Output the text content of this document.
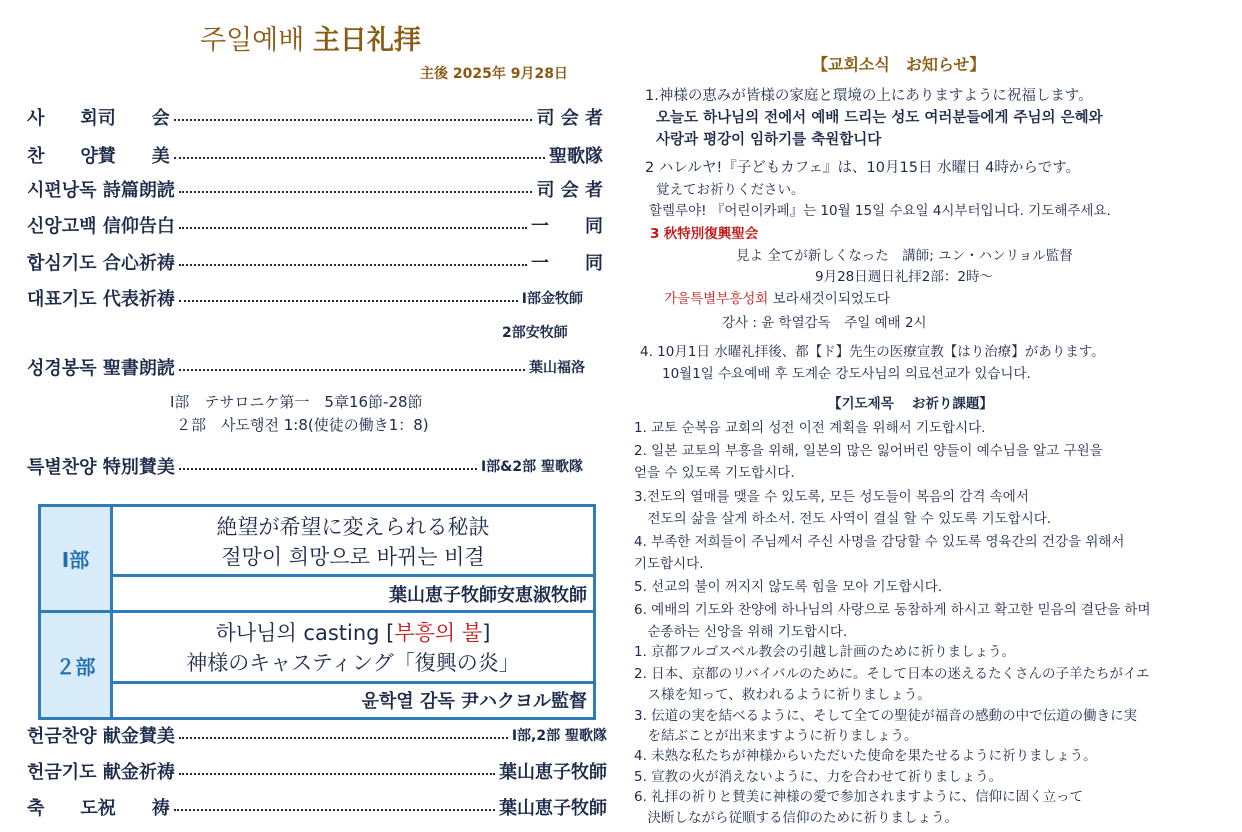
주일예배 主日礼拝
主後 2025年 9月28日
사　　회司　　会	司 会 者
찬　　양賛　　美	聖歌隊
시편낭독 詩篇朗読	司 会 者
신앙고백 信仰告白	一　　同
합심기도 合心祈祷	一　　同
대표기도 代表祈祷	Ⅰ部金牧師
2部安牧師
성경봉독 聖書朗読	葉山福洛
Ⅰ部　テサロニケ第一　5章16節-28節
２部　사도행전 1:8(使徒の働き1：8)
특별찬양 特別賛美	Ⅰ部&2部 聖歌隊
Ⅰ部	絶望が希望に変えられる秘訣
절망이 희망으로 바뀌는 비결

	葉山恵子牧師安恵淑牧師
２部	하나님의 casting [부흥의 불]
神様のキャスティング「復興の炎」

	윤학열 감독 尹ハクヨル監督
헌금찬양 献金賛美	Ⅰ部,2部 聖歌隊
헌금기도 献金祈祷	葉山恵子牧師
축　　도祝　　祷	葉山恵子牧師
【교회소식　お知らせ】
1.神様の恵みが皆様の家庭と環境の上にありますように祝福します。
오늘도 하나님의 전에서 예배 드리는 성도 여러분들에게 주님의 은혜와
사랑과 평강이 임하기를 축원합니다
2 ハレルヤ!『子どもカフェ』は、10月15日 水曜日 4時からです。
覚えてお祈りください。
할렐루야! 『어린이카페』는 10월 15일 수요일 4시부터입니다. 기도해주세요.
3 秋特別復興聖会
見よ 全てが新しくなった　講師; ユン・ハンリョル監督
9月28日週日礼拝2部：2時～
가을특별부흥성회 보라새것이되었도다
강사 : 윤 학열감독　주일 예배 2시
4. 10月1日 水曜礼拝後、都【ド】先生の医療宣教【はり治療】があります。
10월1일 수요예배 후 도계순 강도사님의 의료선교가 있습니다.
【기도제목　 お祈り課題】
1. 교토 순복음 교회의 성전 이전 계획을 위해서 기도합시다.
2. 일본 교토의 부흥을 위해, 일본의 많은 잃어버린 양들이 예수님을 알고 구원을
얻을 수 있도록 기도합시다.
3.전도의 열매를 맺을 수 있도록, 모든 성도들이 복음의 감격 속에서
　전도의 삶을 살게 하소서. 전도 사역이 결실 할 수 있도록 기도합시다.
4. 부족한 저희들이 주님께서 주신 사명을 감당할 수 있도록 영육간의 건강을 위해서
기도합시다.
5. 선교의 불이 꺼지지 않도록 힘을 모아 기도합시다.
6. 예배의 기도와 찬양에 하나님의 사랑으로 동참하게 하시고 확고한 믿음의 결단을 하며
　순종하는 신앙을 위해 기도합시다.
1. 京都フルゴスペル教会の引越し計画のために祈りましょう。
2. 日本、京都のリバイバルのために。そして日本の迷えるたくさんの子羊たちがイエ
　ス様を知って、救われるように祈りましょう。
3. 伝道の実を結べるように、そして全ての聖徒が福音の感動の中で伝道の働きに実
　を結ぶことが出来ますように祈りましょう。
4. 未熟な私たちが神様からいただいた使命を果たせるように祈りましょう。
5. 宣教の火が消えないように、力を合わせて祈りましょう。
6. 礼拝の祈りと賛美に神様の愛で参加されますように、信仰に固く立って
　決断しながら従順する信仰のために祈りましょう。
